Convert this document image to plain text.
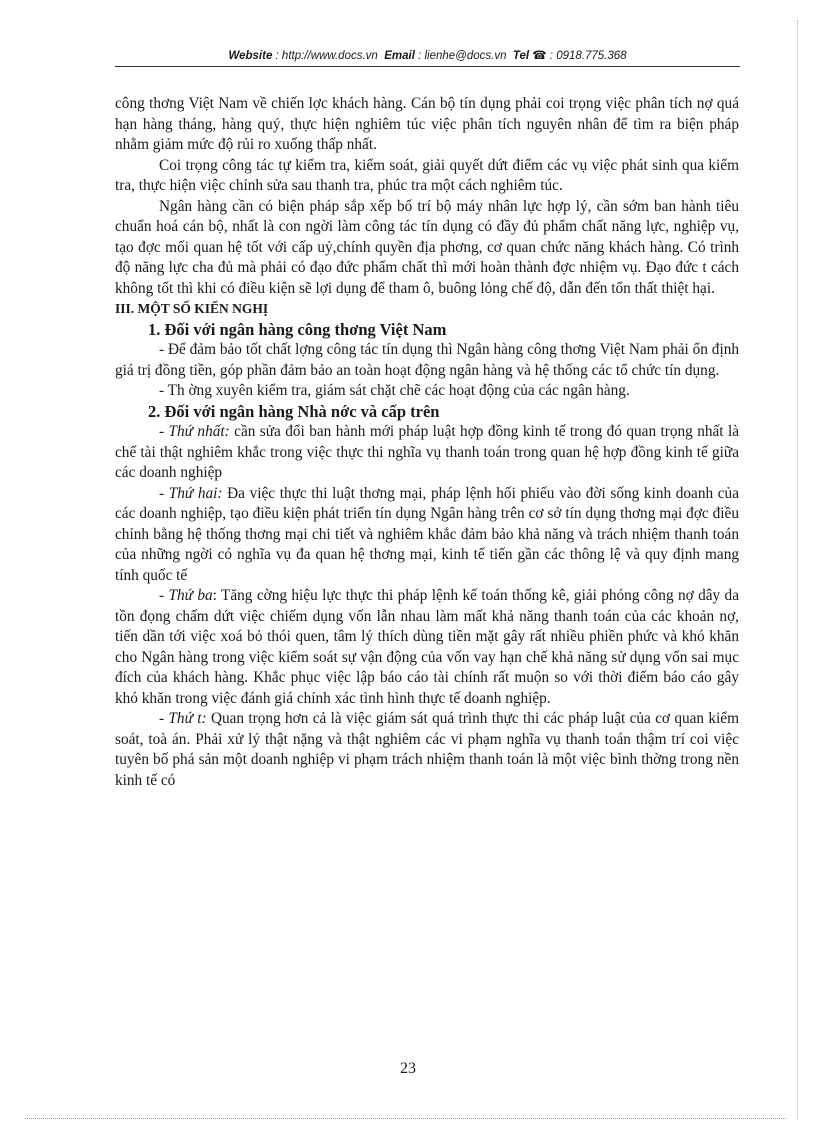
Website : http://www.docs.vn Email : lienhe@docs.vn Tel ☎ : 0918.775.368

công thơng Việt Nam về chiến lợc khách hàng. Cán bộ tín dụng phải coi trọng việc phân tích nợ quá hạn hàng tháng, hàng quý, thực hiện nghiêm túc việc phân tích nguyên nhân để tìm ra biện pháp nhằm giảm mức độ rủi ro xuống thấp nhất.

Coi trọng công tác tự kiểm tra, kiểm soát, giải quyết dứt điểm các vụ việc phát sinh qua kiểm tra, thực hiện việc chỉnh sửa sau thanh tra, phúc tra một cách nghiêm túc.

Ngân hàng cần có biện pháp sắp xếp bố trí bộ máy nhân lực hợp lý, cần sớm ban hành tiêu chuẩn hoá cán bộ, nhất là con ngời làm công tác tín dụng có đầy đủ phẩm chất năng lực, nghiệp vụ, tạo đợc mối quan hệ tốt với cấp uỷ,chính quyền địa phơng, cơ quan chức năng khách hàng. Có trình độ năng lực cha đủ mà phải có đạo đức phẩm chất thì mới hoàn thành đợc nhiệm vụ. Đạo đức t cách không tốt thì khi có điều kiện sẽ lợi dụng để tham ô, buông lỏng chế độ, dẫn đến tổn thất thiệt hại.

III. MỘT SỐ KIẾN NGHỊ

1. Đối với ngân hàng công thơng Việt Nam

- Để đảm bảo tốt chất lợng công tác tín dụng thì Ngân hàng công thơng Việt Nam phải ổn định giá trị đồng tiền, góp phần đảm bảo an toàn hoạt động ngân hàng và hệ thống các tổ chức tín dụng.

- Th ờng xuyên kiểm tra, giám sát chặt chẽ các hoạt động của các ngân hàng.

2. Đối với ngân hàng Nhà nớc và cấp trên

- Thứ nhất: cần sửa đổi ban hành mới pháp luật hợp đồng kinh tế trong đó quan trọng nhất là chế tài thật nghiêm khắc trong việc thực thi nghĩa vụ thanh toán trong quan hệ hợp đồng kinh tế giữa các doanh nghiệp

- Thứ hai: Đa việc thực thi luật thơng mại, pháp lệnh hối phiếu vào đời sống kinh doanh của các doanh nghiệp, tạo điều kiện phát triển tín dụng Ngân hàng trên cơ sở tín dụng thơng mại đợc điều chỉnh bằng hệ thống thơng mại chi tiết và nghiêm khắc đảm bảo khả năng và trách nhiệm thanh toán của những ngời có nghĩa vụ đa quan hệ thơng mại, kinh tế tiến gần các thông lệ và quy định mang tính quốc tế

- Thứ ba: Tăng cờng hiệu lực thực thi pháp lệnh kế toán thống kê, giải phóng công nợ dây da tồn đọng chấm dứt việc chiếm dụng vốn lẫn nhau làm mất khả năng thanh toán của các khoản nợ, tiến dần tới việc xoá bỏ thói quen, tâm lý thích dùng tiền mặt gây rất nhiều phiền phức và khó khăn cho Ngân hàng trong việc kiểm soát sự vận động của vốn vay hạn chế khả năng sử dụng vốn sai mục đích của khách hàng. Khắc phục việc lập báo cáo tài chính rất muộn so với thời điểm báo cáo gây khó khăn trong việc đánh giá chính xác tình hình thực tế doanh nghiệp.

- Thứ t: Quan trọng hơn cả là việc giám sát quá trình thực thi các pháp luật của cơ quan kiểm soát, toà án. Phải xử lý thật nặng và thật nghiêm các vi phạm nghĩa vụ thanh toán thậm trí coi việc tuyên bố phá sản một doanh nghiệp vi phạm trách nhiệm thanh toán là một việc bình thờng trong nền kinh tế có

23
